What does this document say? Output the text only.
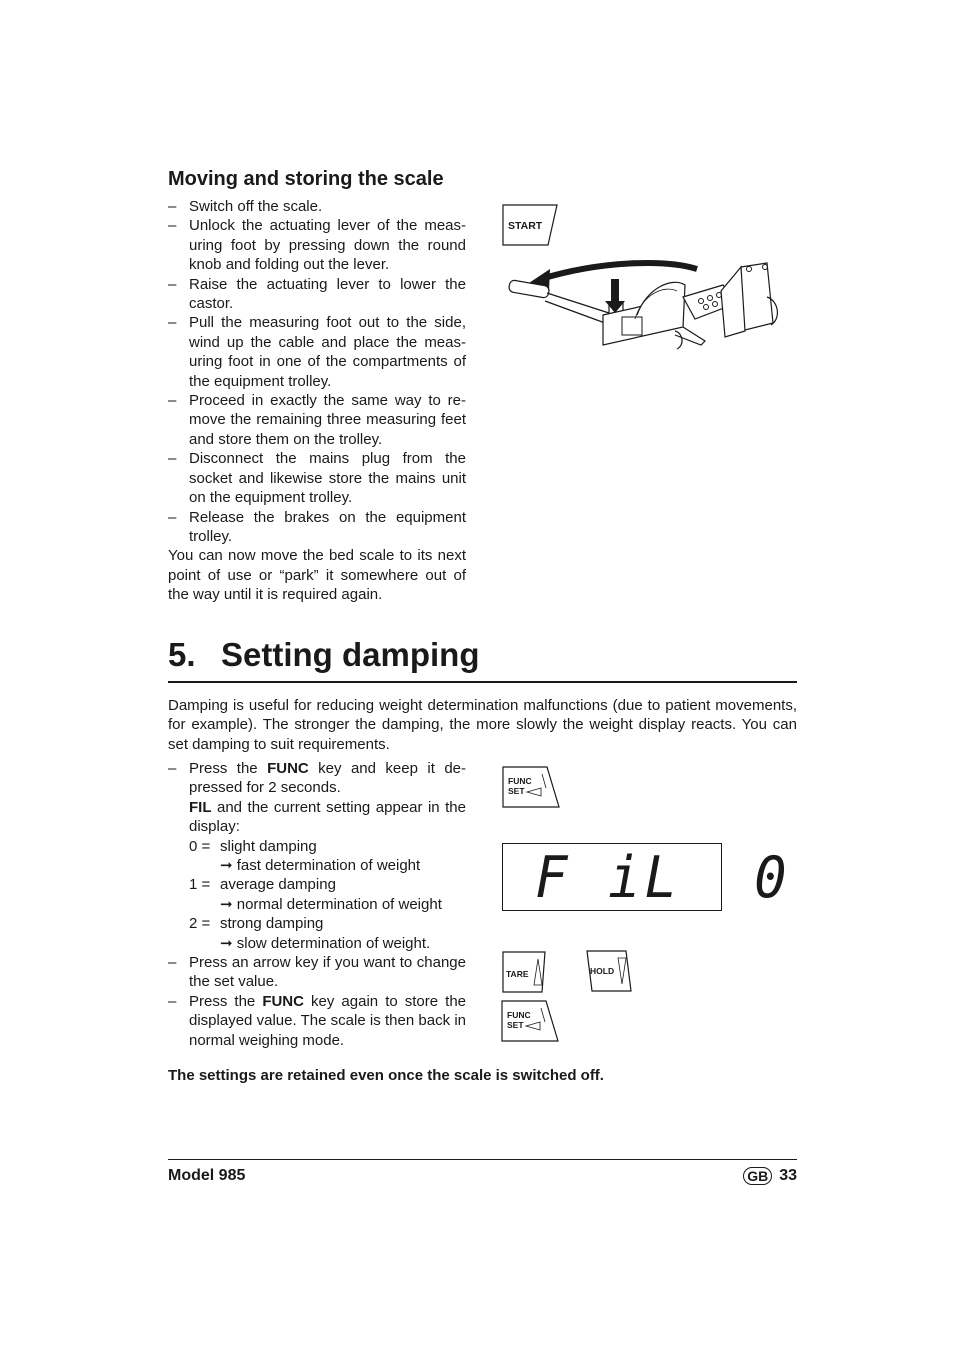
Moving and storing the scale
– Switch off the scale.
– Unlock the actuating lever of the measuring foot by pressing down the round knob and folding out the lever.
– Raise the actuating lever to lower the castor.
– Pull the measuring foot out to the side, wind up the cable and place the measuring foot in one of the compartments of the equipment trolley.
– Proceed in exactly the same way to remove the remaining three measuring feet and store them on the trolley.
– Disconnect the mains plug from the socket and likewise store the mains unit on the equipment trolley.
– Release the brakes on the equipment trolley.

You can now move the bed scale to its next point of use or “park” it somewhere out of the way until it is required again.

START
5. Setting damping

Damping is useful for reducing weight determination malfunctions (due to patient movements, for example). The stronger the damping, the more slowly the weight display reacts. You can set damping to suit requirements.

– Press the FUNC key and keep it depressed for 2 seconds.
FIL and the current setting appear in the display:
0 = slight damping
➞ fast determination of weight
1 = average damping
➞ normal determination of weight
2 = strong damping
➞ slow determination of weight.
– Press an arrow key if you want to change the set value.
– Press the FUNC key again to store the displayed value. The scale is then back in normal weighing mode.
FUNC
SET
F iL  0
TARE	HOLD
FUNC
SET
The settings are retained even once the scale is switched off.
Model 985	GB 33
